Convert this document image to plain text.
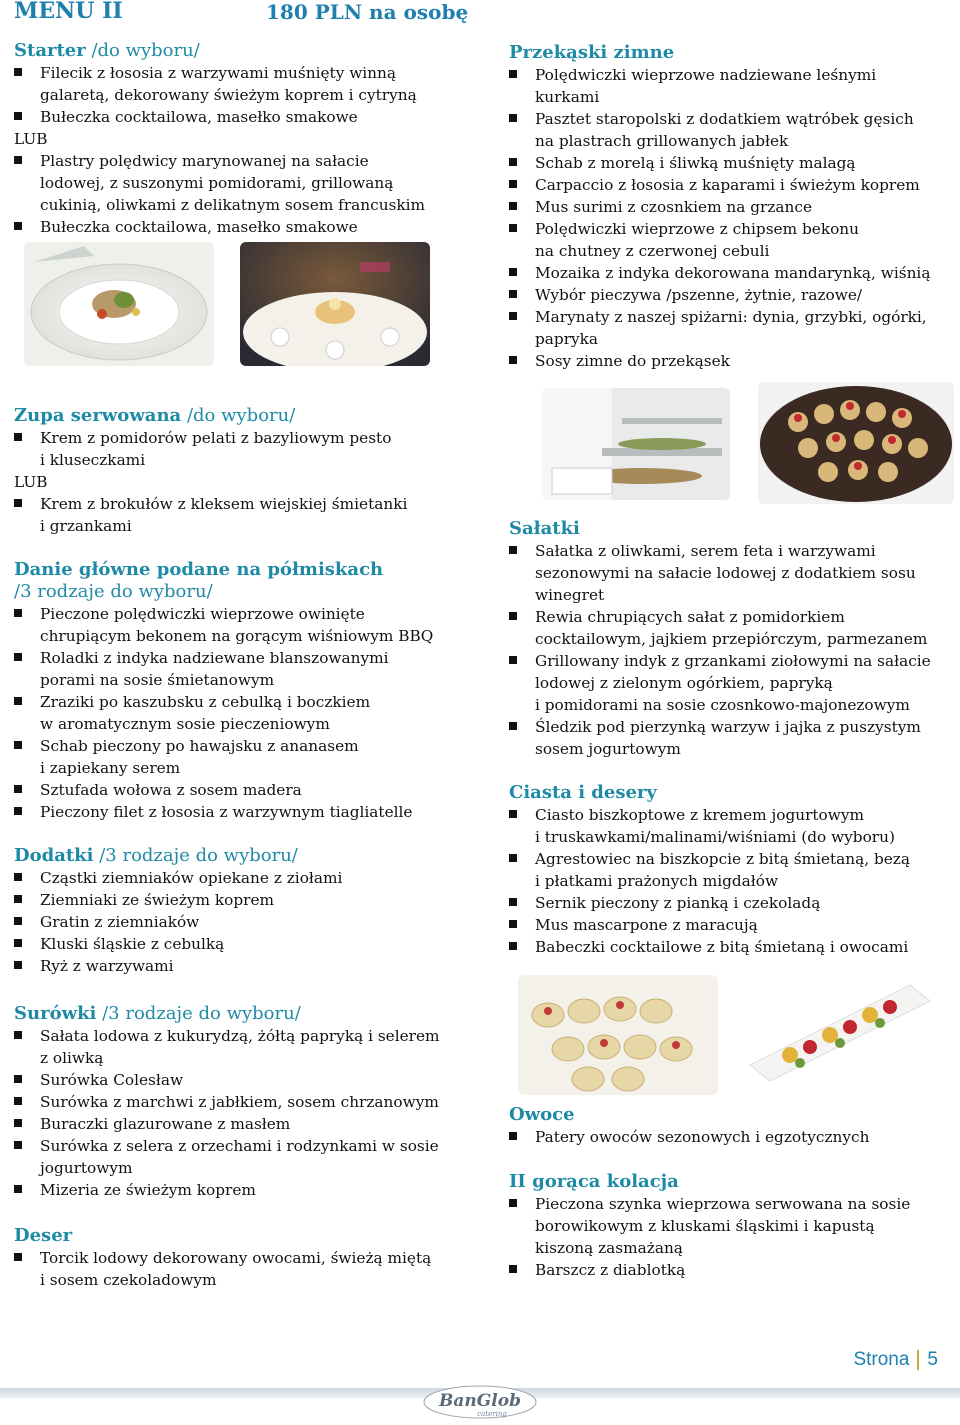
MENU II	180 PLN na osobę
Starter /do wyboru/
Filecik z łososia z warzywami muśnięty winną
galaretą, dekorowany świeżym koprem i cytryną
Bułeczka cocktailowa, masełko smakowe
LUB
Plastry polędwicy marynowanej na sałacie
lodowej, z suszonymi pomidorami, grillowaną
cukinią, oliwkami z delikatnym sosem francuskim
Bułeczka cocktailowa, masełko smakowe
Zupa serwowana /do wyboru/
Krem z pomidorów pelati z bazyliowym pesto
i kluseczkami
LUB
Krem z brokułów z kleksem wiejskiej śmietanki
i grzankami
Danie główne podane na półmiskach
/3 rodzaje do wyboru/
Pieczone polędwiczki wieprzowe owinięte
chrupiącym bekonem na gorącym wiśniowym BBQ
Roladki z indyka nadziewane blanszowanymi
porami na sosie śmietanowym
Zraziki po kaszubsku z cebulką i boczkiem
w aromatycznym sosie pieczeniowym
Schab pieczony po hawajsku z ananasem
i zapiekany serem
Sztufada wołowa z sosem madera
Pieczony filet z łososia z warzywnym tiagliatelle
Dodatki /3 rodzaje do wyboru/
Cząstki ziemniaków opiekane z ziołami
Ziemniaki ze świeżym koprem
Gratin z ziemniaków
Kluski śląskie z cebulką
Ryż z warzywami
Surówki /3 rodzaje do wyboru/
Sałata lodowa z kukurydzą, żółtą papryką i selerem
z oliwką
Surówka Colesław
Surówka z marchwi z jabłkiem, sosem chrzanowym
Buraczki glazurowane z masłem
Surówka z selera z orzechami i rodzynkami w sosie
jogurtowym
Mizeria ze świeżym koprem
Deser
Torcik lodowy dekorowany owocami, świeżą miętą
i sosem czekoladowym
Przekąski zimne
Polędwiczki wieprzowe nadziewane leśnymi
kurkami
Pasztet staropolski z dodatkiem wątróbek gęsich
na plastrach grillowanych jabłek
Schab z morelą i śliwką muśnięty malagą
Carpaccio z łososia z kaparami i świeżym koprem
Mus surimi z czosnkiem na grzance
Polędwiczki wieprzowe z chipsem bekonu
na chutney z czerwonej cebuli
Mozaika z indyka dekorowana mandarynką, wiśnią
Wybór pieczywa /pszenne, żytnie, razowe/
Marynaty z naszej spiżarni: dynia, grzybki, ogórki,
papryka
Sosy zimne do przekąsek
Sałatki
Sałatka z oliwkami, serem feta i warzywami
sezonowymi na sałacie lodowej z dodatkiem sosu
winegret
Rewia chrupiących sałat z pomidorkiem
cocktailowym, jajkiem przepiórczym, parmezanem
Grillowany indyk z grzankami ziołowymi na sałacie
lodowej z zielonym ogórkiem, papryką
i pomidorami na sosie czosnkowo-majonezowym
Śledzik pod pierzynką warzyw i jajka z puszystym
sosem jogurtowym
Ciasta i desery
Ciasto biszkoptowe z kremem jogurtowym
i truskawkami/malinami/wiśniami (do wyboru)
Agrestowiec na biszkopcie z bitą śmietaną, bezą
i płatkami prażonych migdałów
Sernik pieczony z pianką i czekoladą
Mus mascarpone z maracują
Babeczki cocktailowe z bitą śmietaną i owocami
Owoce
Patery owoców sezonowych i egzotycznych
II gorąca kolacja
Pieczona szynka wieprzowa serwowana na sosie
borowikowym z kluskami śląskimi i kapustą
kiszoną zasmażaną
Barszcz z diablotką
Strona 5
BanGlob
catering
